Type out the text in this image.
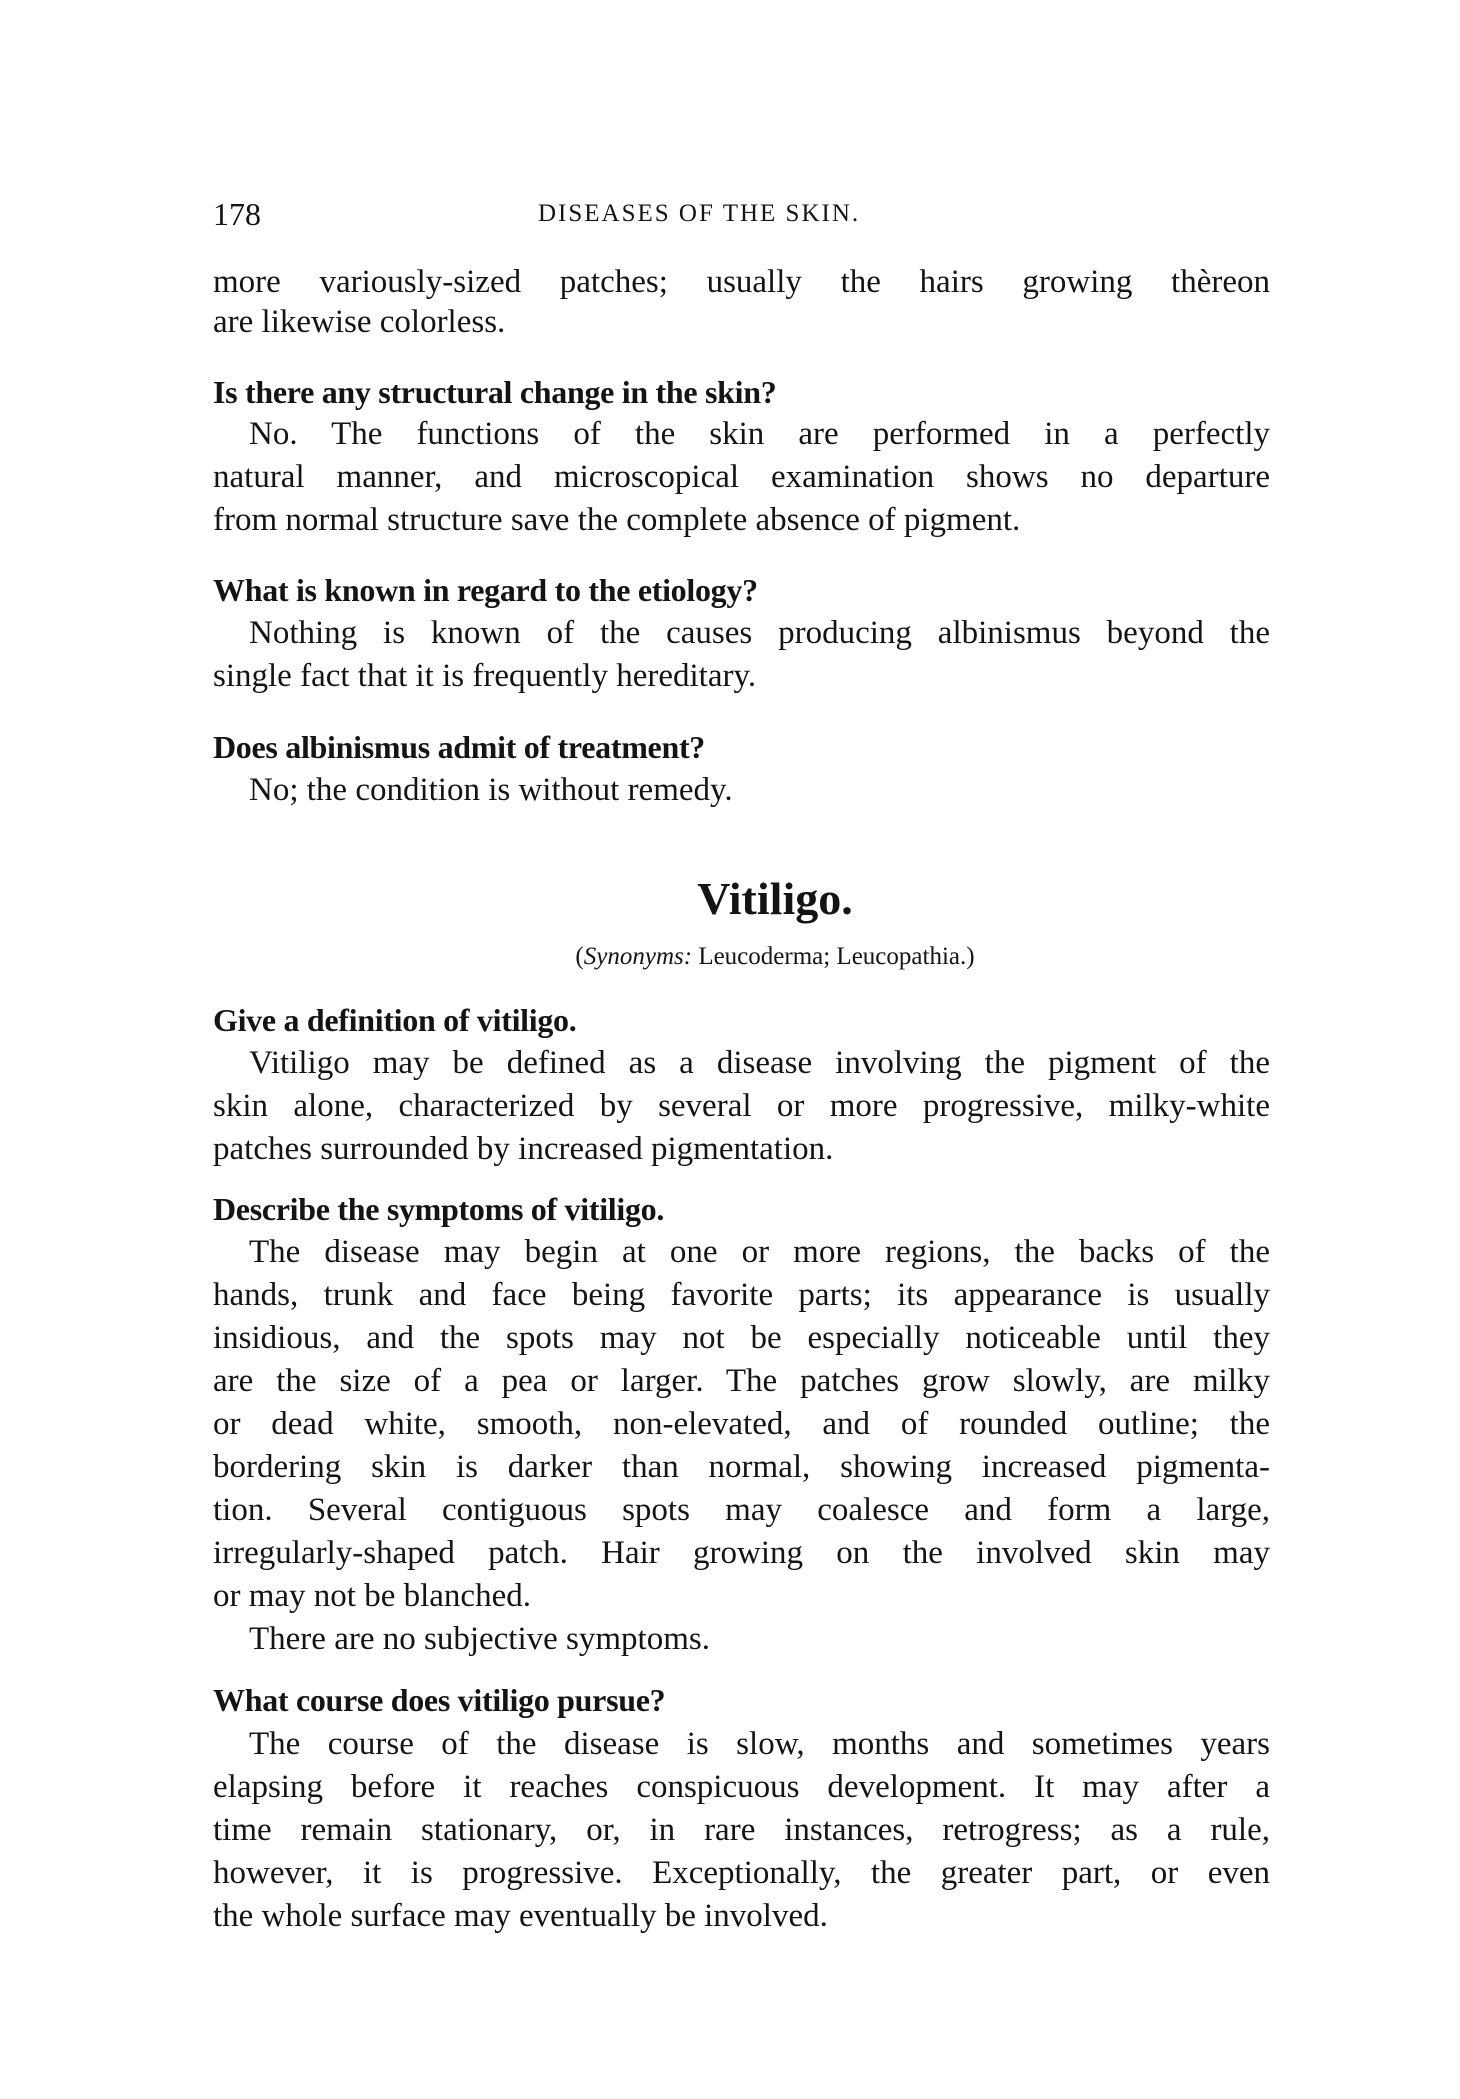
178	DISEASES OF THE SKIN.
more variously-sized patches; usually the hairs growing thèreon
are likewise colorless.
Is there any structural change in the skin?
No. The functions of the skin are performed in a perfectly
natural manner, and microscopical examination shows no departure
from normal structure save the complete absence of pigment.
What is known in regard to the etiology?
Nothing is known of the causes producing albinismus beyond the
single fact that it is frequently hereditary.
Does albinismus admit of treatment?
No; the condition is without remedy.
Vitiligo.
(Synonyms: Leucoderma; Leucopathia.)
Give a definition of vitiligo.
Vitiligo may be defined as a disease involving the pigment of the
skin alone, characterized by several or more progressive, milky-white
patches surrounded by increased pigmentation.
Describe the symptoms of vitiligo.
The disease may begin at one or more regions, the backs of the
hands, trunk and face being favorite parts; its appearance is usually
insidious, and the spots may not be especially noticeable until they
are the size of a pea or larger. The patches grow slowly, are milky
or dead white, smooth, non-elevated, and of rounded outline; the
bordering skin is darker than normal, showing increased pigmenta-
tion. Several contiguous spots may coalesce and form a large,
irregularly-shaped patch. Hair growing on the involved skin may
or may not be blanched.
There are no subjective symptoms.
What course does vitiligo pursue?
The course of the disease is slow, months and sometimes years
elapsing before it reaches conspicuous development. It may after a
time remain stationary, or, in rare instances, retrogress; as a rule,
however, it is progressive. Exceptionally, the greater part, or even
the whole surface may eventually be involved.
